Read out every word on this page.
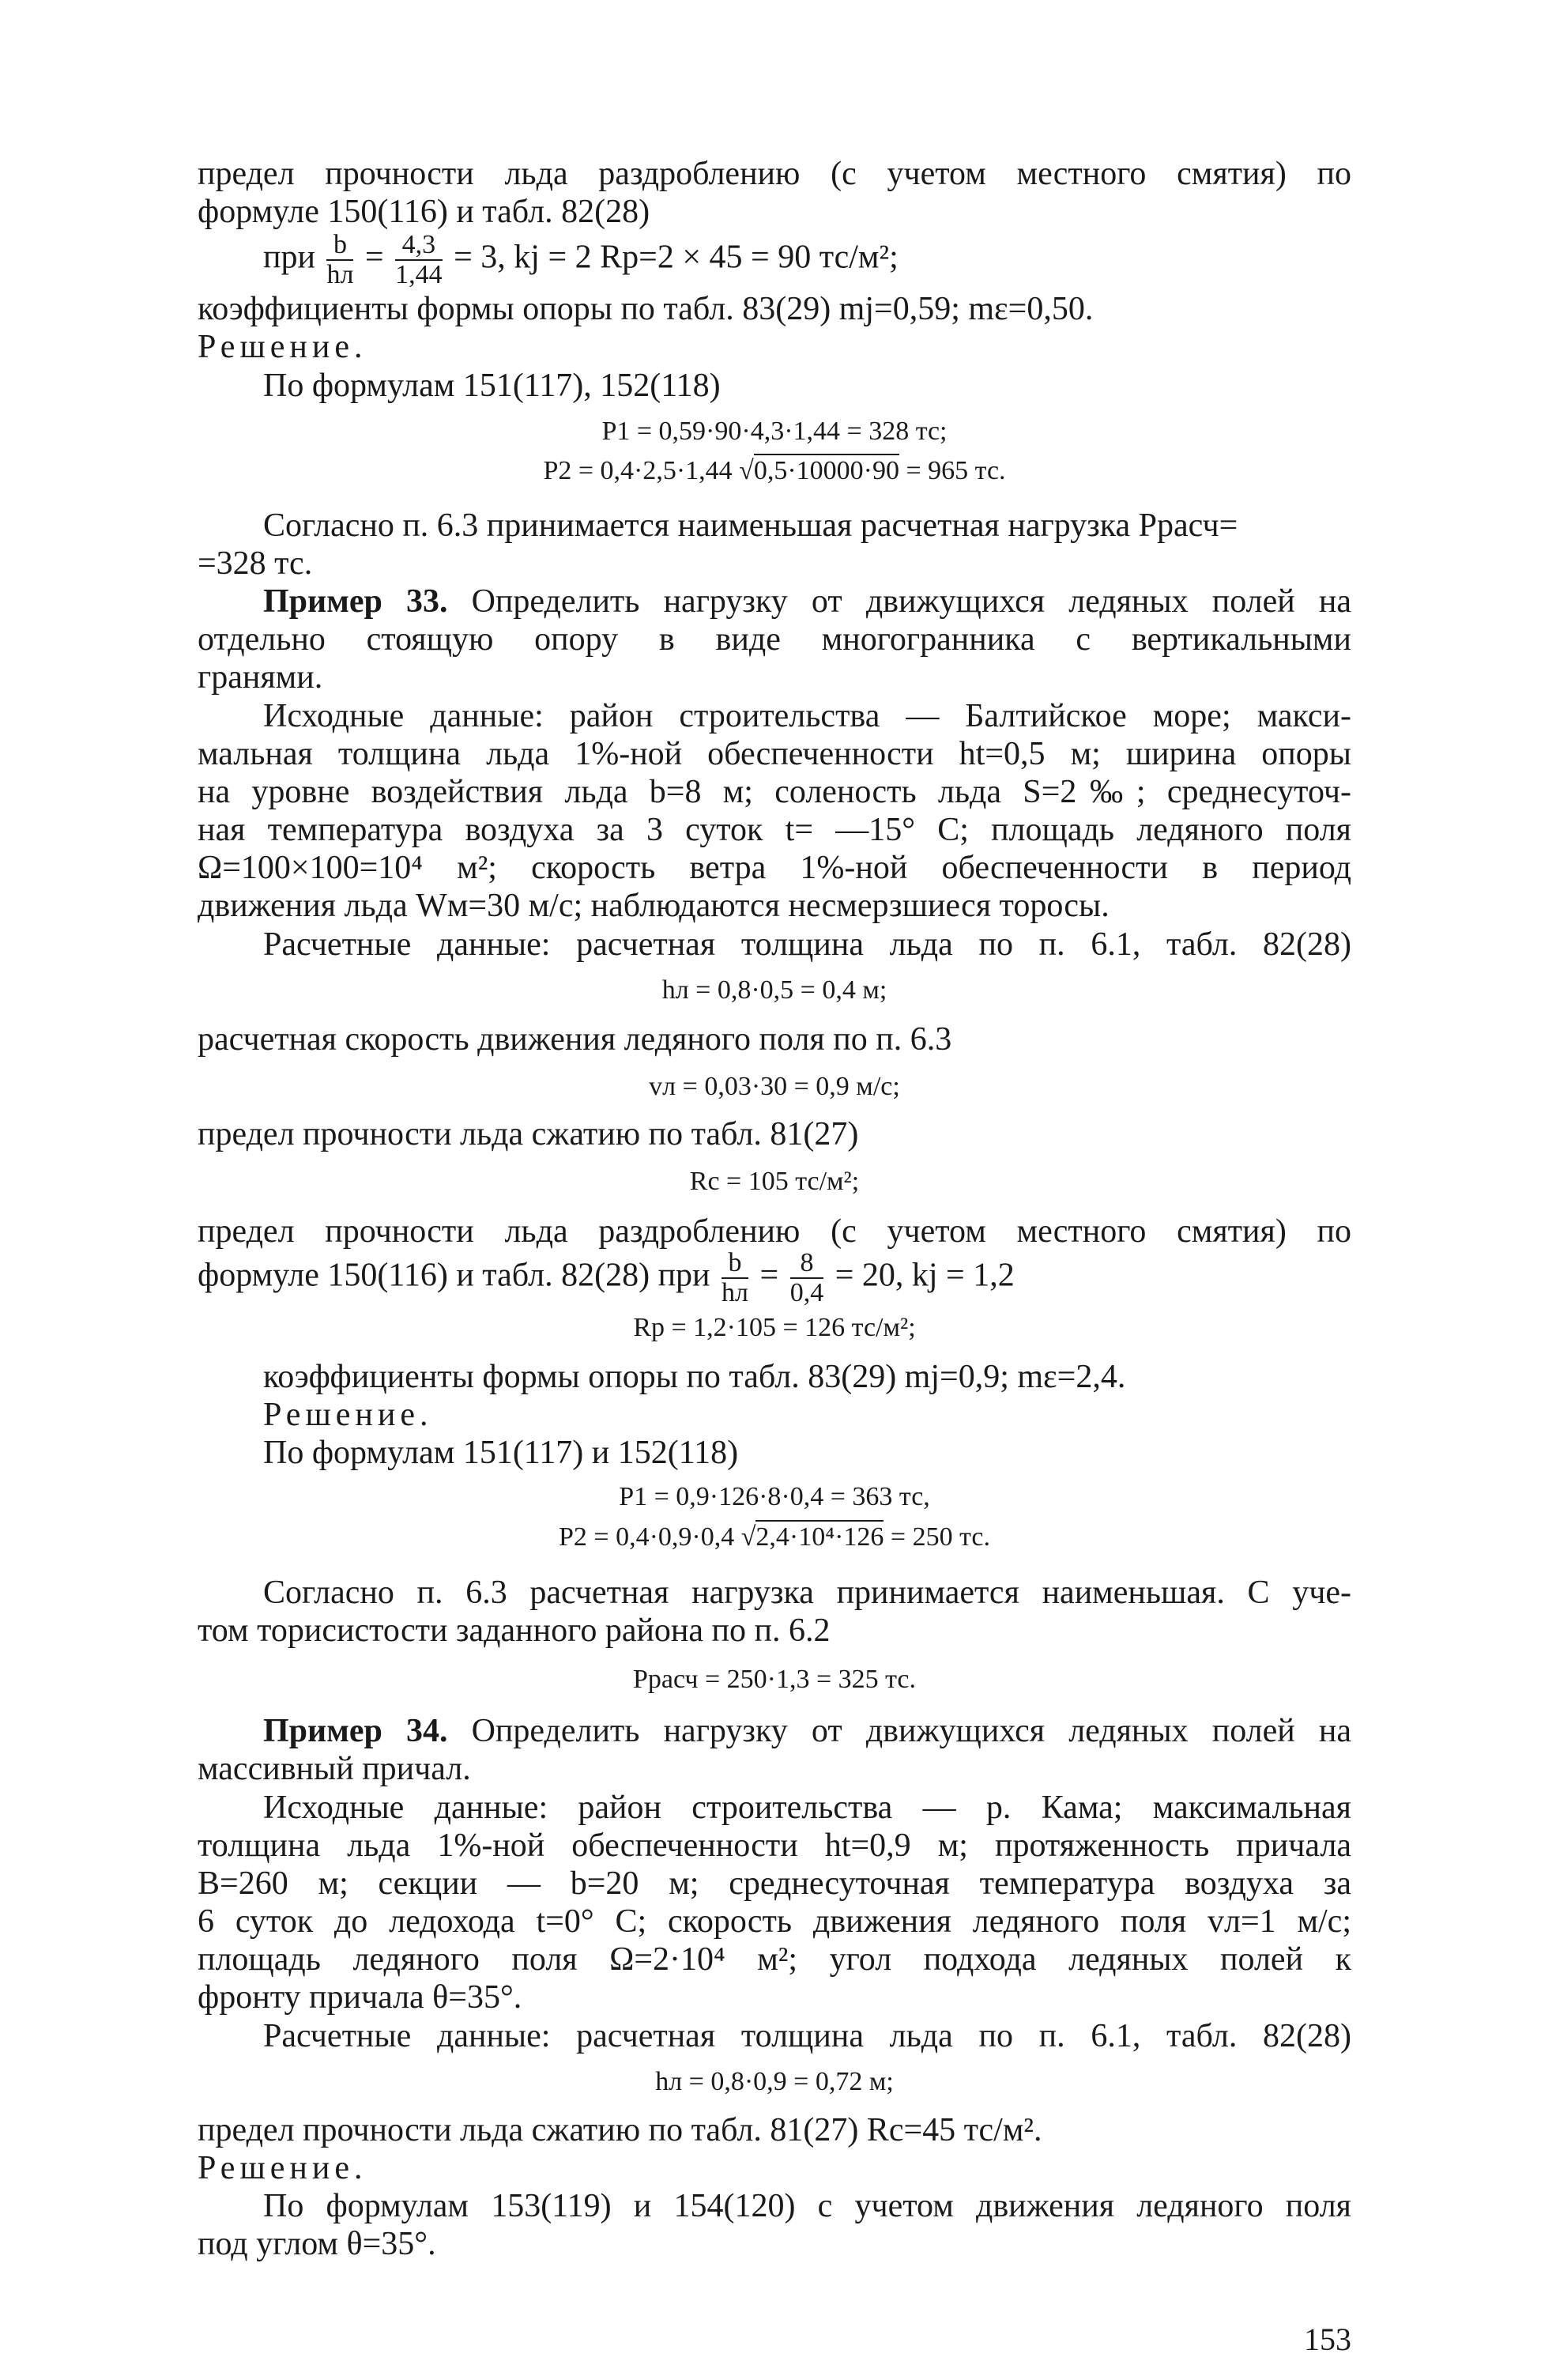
предел прочности льда раздроблению (с учетом местного смятия) по
формуле 150(116) и табл. 82(28)
при $\frac{b}{hл} = \frac{4,3}{1,44} = 3$, kj = 2 Rр=2 × 45 = 90 тс/м²;
коэффициенты формы опоры по табл. 83(29) mj=0,59; mε=0,50.
Решение.
По формулам 151(117), 152(118)
P1 = 0,59·90·4,3·1,44 = 328 тс;
P2 = 0,4·2,5·1,44 √0,5·10000·90 = 965 тс.
Согласно п. 6.3 принимается наименьшая расчетная нагрузка Pрасч=
=328 тс.
Пример 33. Определить нагрузку от движущихся ледяных полей на
отдельно стоящую опору в виде многогранника с вертикальными
гранями.
Исходные данные: район строительства — Балтийское море; макси-
мальная толщина льда 1%-ной обеспеченности ht=0,5 м; ширина опоры
на уровне воздействия льда b=8 м; соленость льда S=2‰; среднесуточ-
ная температура воздуха за 3 суток t= —15° С; площадь ледяного поля
Ω=100×100=10⁴ м²; скорость ветра 1%-ной обеспеченности в период
движения льда Wм=30 м/с; наблюдаются несмерзшиеся торосы.
Расчетные данные: расчетная толщина льда по п. 6.1, табл. 82(28)
hл = 0,8·0,5 = 0,4 м;
расчетная скорость движения ледяного поля по п. 6.3
vл = 0,03·30 = 0,9 м/с;
предел прочности льда сжатию по табл. 81(27)
Rс = 105 тс/м²;
предел прочности льда раздроблению (с учетом местного смятия) по
формуле 150(116) и табл. 82(28) при $\frac{b}{hл} = \frac{8}{0,4} = 20$, kj = 1,2
Rр = 1,2·105 = 126 тс/м²;
коэффициенты формы опоры по табл. 83(29) mj=0,9; mε=2,4.
Решение.
По формулам 151(117) и 152(118)
P1 = 0,9·126·8·0,4 = 363 тс,
P2 = 0,4·0,9·0,4 √2,4·10⁴·126 = 250 тс.
Согласно п. 6.3 расчетная нагрузка принимается наименьшая. С уче-
том торисистости заданного района по п. 6.2
Pрасч = 250·1,3 = 325 тс.
Пример 34. Определить нагрузку от движущихся ледяных полей на
массивный причал.
Исходные данные: район строительства — р. Кама; максимальная
толщина льда 1%-ной обеспеченности ht=0,9 м; протяженность причала
B=260 м; секции — b=20 м; среднесуточная температура воздуха за
6 суток до ледохода t=0° С; скорость движения ледяного поля vл=1 м/с;
площадь ледяного поля Ω=2·10⁴ м²; угол подхода ледяных полей к
фронту причала θ=35°.
Расчетные данные: расчетная толщина льда по п. 6.1, табл. 82(28)
hл = 0,8·0,9 = 0,72 м;
предел прочности льда сжатию по табл. 81(27) Rс=45 тс/м².
Решение.
По формулам 153(119) и 154(120) с учетом движения ледяного поля
под углом θ=35°.
153
